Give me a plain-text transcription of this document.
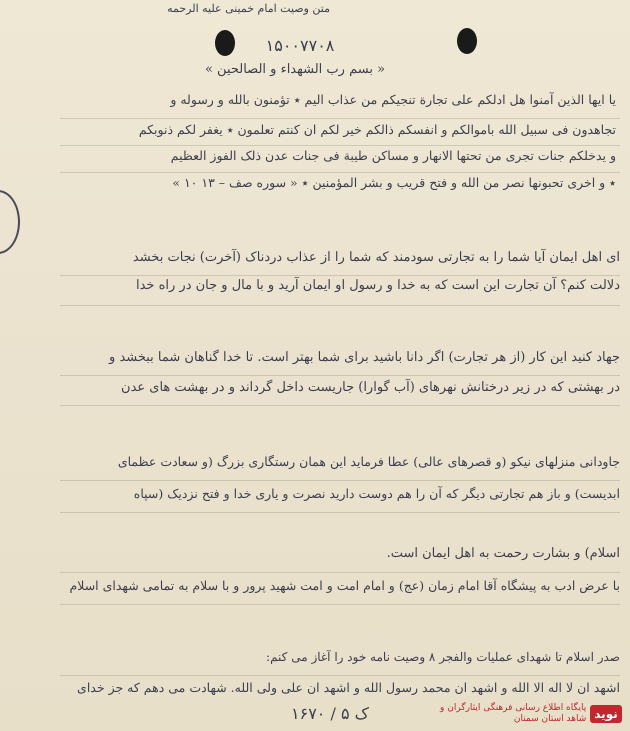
متن وصیت امام خمینی علیه الرحمه
۱۵۰۰۷۷۰۸
« بسم رب الشهداء و الصالحین »
یا ایها الذین آمنوا هل ادلکم علی تجارة تنجیکم من عذاب الیم ٭ تؤمنون بالله و رسوله و
تجاهدون فی سبیل الله باموالکم و انفسکم ذالکم خیر لکم ان کنتم تعلمون ٭ یغفر لکم ذنوبکم
و یدخلکم جنات تجری من تحتها الانهار و مساکن طیبة فی جنات عدن ذلک الفوز العظیم
٭ و اخری تحبونها نصر من الله و فتح قریب و بشر المؤمنین ٭ « سوره صف – ۱۳ ۱۰ »
ای اهل ایمان آیا شما را به تجارتی سودمند که شما را از عذاب دردناک (آخرت) نجات بخشد
دلالت کنم؟ آن تجارت این است که به خدا و رسول او ایمان آرید و با مال و جان در راه خدا
جهاد کنید این کار (از هر تجارت) اگر دانا باشید برای شما بهتر است. تا خدا گناهان شما ببخشد و
در بهشتی که در زیر درختانش نهرهای (آب گوارا) جاریست داخل گرداند و در بهشت های عدن
جاودانی منزلهای نیکو (و قصرهای عالی) عطا فرماید این همان رستگاری بزرگ (و سعادت عظمای
ابدیست) و باز هم تجارتی دیگر که آن را هم دوست دارید نصرت و یاری خدا و فتح نزدیک (سپاه
اسلام) و بشارت رحمت به اهل ایمان است.
با عرض ادب به پیشگاه آقا امام زمان (عج) و امام امت و امت شهید پرور و با سلام به تمامی شهدای اسلام
صدر اسلام تا شهدای عملیات والفجر ۸ وصیت نامه خود را آغاز می کنم:
اشهد ان لا اله الا الله و اشهد ان محمد رسول الله و اشهد ان علی ولی الله. شهادت می دهم که جز خدای
۱۶۷۰ / ۵ ک	نوید
پایگاه اطلاع رسانی فرهنگی ایثارگران و
شاهد استان سمنان
